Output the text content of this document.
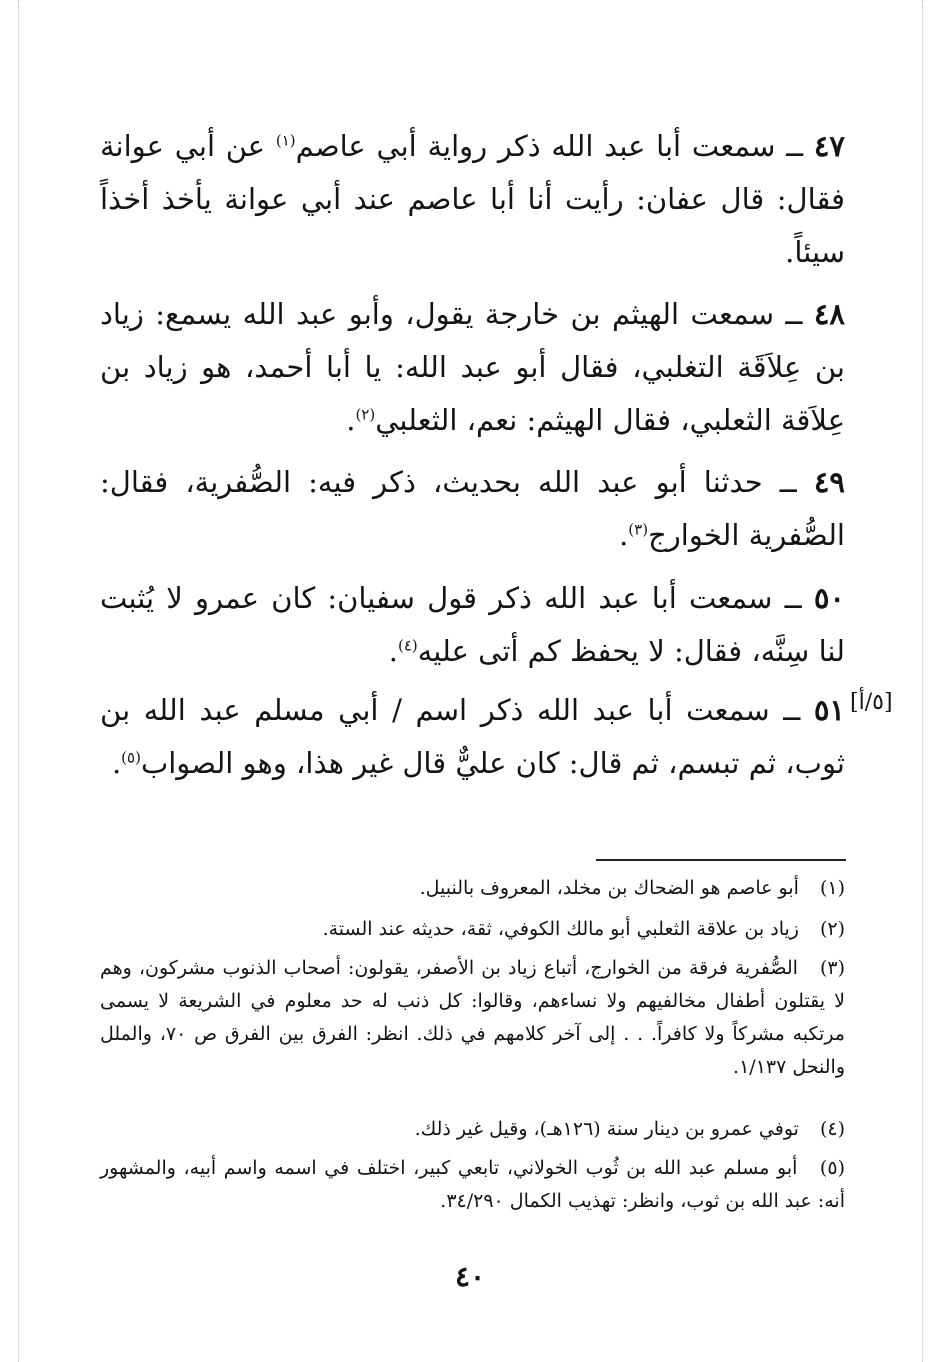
٤٧ ــ سمعت أبا عبد الله ذكر رواية أبي عاصم$^{(١)}$ عن أبي عوانة فقال: قال عفان: رأيت أنا أبا عاصم عند أبي عوانة يأخذ أخذاً سيئاً.

٤٨ ــ سمعت الهيثم بن خارجة يقول، وأبو عبد الله يسمع: زياد بن عِلاَقَة التغلبي، فقال أبو عبد الله: يا أبا أحمد، هو زياد بن عِلاَقة الثعلبي، فقال الهيثم: نعم، الثعلبي$^{(٢)}$.

٤٩ ــ حدثنا أبو عبد الله بحديث، ذكر فيه: الصُّفرية، فقال: الصُّفرية الخوارج$^{(٣)}$.

٥٠ ــ سمعت أبا عبد الله ذكر قول سفيان: كان عمرو لا يُثبت لنا سِنَّه، فقال: لا يحفظ كم أتى عليه$^{(٤)}$.

[٥/أ]

٥١ ــ سمعت أبا عبد الله ذكر اسم / أبي مسلم عبد الله بن ثوب، ثم تبسم، ثم قال: كان عليٌّ قال غير هذا، وهو الصواب$^{(٥)}$.

(١) أبو عاصم هو الضحاك بن مخلد، المعروف بالنبيل.

(٢) زياد بن علاقة الثعلبي أبو مالك الكوفي، ثقة، حديثه عند الستة.

(٣) الصُّفرية فرقة من الخوارج، أتباع زياد بن الأصفر، يقولون: أصحاب الذنوب مشركون، وهم لا يقتلون أطفال مخالفيهم ولا نساءهم، وقالوا: كل ذنب له حد معلوم في الشريعة لا يسمى مرتكبه مشركاً ولا كافراً. . . إلى آخر كلامهم في ذلك. انظر: الفرق بين الفرق ص ٧٠، والملل والنحل ١/١٣٧.

(٤) توفي عمرو بن دينار سنة (١٢٦هـ)، وقيل غير ذلك.

(٥) أبو مسلم عبد الله بن ثُوب الخولاني، تابعي كبير، اختلف في اسمه واسم أبيه، والمشهور أنه: عبد الله بن ثوب، وانظر: تهذيب الكمال ٣٤/٢٩٠.

٤٠
